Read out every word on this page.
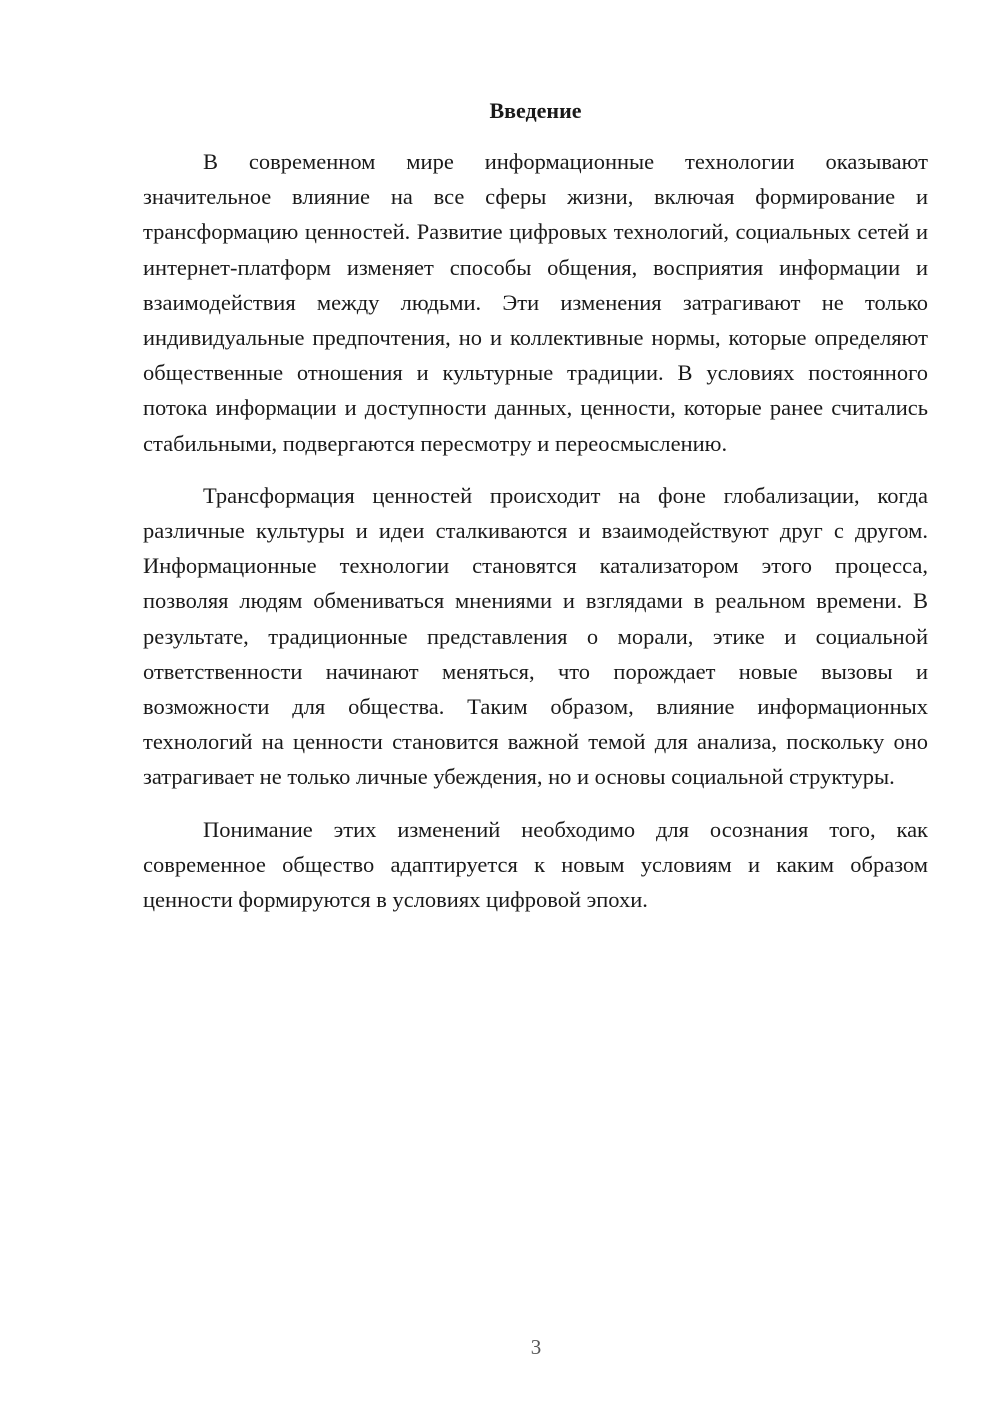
Введение

В современном мире информационные технологии оказывают значительное влияние на все сферы жизни, включая формирование и трансформацию ценностей. Развитие цифровых технологий, социальных сетей и интернет-платформ изменяет способы общения, восприятия информации и взаимодействия между людьми. Эти изменения затрагивают не только индивидуальные предпочтения, но и коллективные нормы, которые определяют общественные отношения и культурные традиции. В условиях постоянного потока информации и доступности данных, ценности, которые ранее считались стабильными, подвергаются пересмотру и переосмыслению.

Трансформация ценностей происходит на фоне глобализации, когда различные культуры и идеи сталкиваются и взаимодействуют друг с другом. Информационные технологии становятся катализатором этого процесса, позволяя людям обмениваться мнениями и взглядами в реальном времени. В результате, традиционные представления о морали, этике и социальной ответственности начинают меняться, что порождает новые вызовы и возможности для общества. Таким образом, влияние информационных технологий на ценности становится важной темой для анализа, поскольку оно затрагивает не только личные убеждения, но и основы социальной структуры.

Понимание этих изменений необходимо для осознания того, как современное общество адаптируется к новым условиям и каким образом ценности формируются в условиях цифровой эпохи.

3
